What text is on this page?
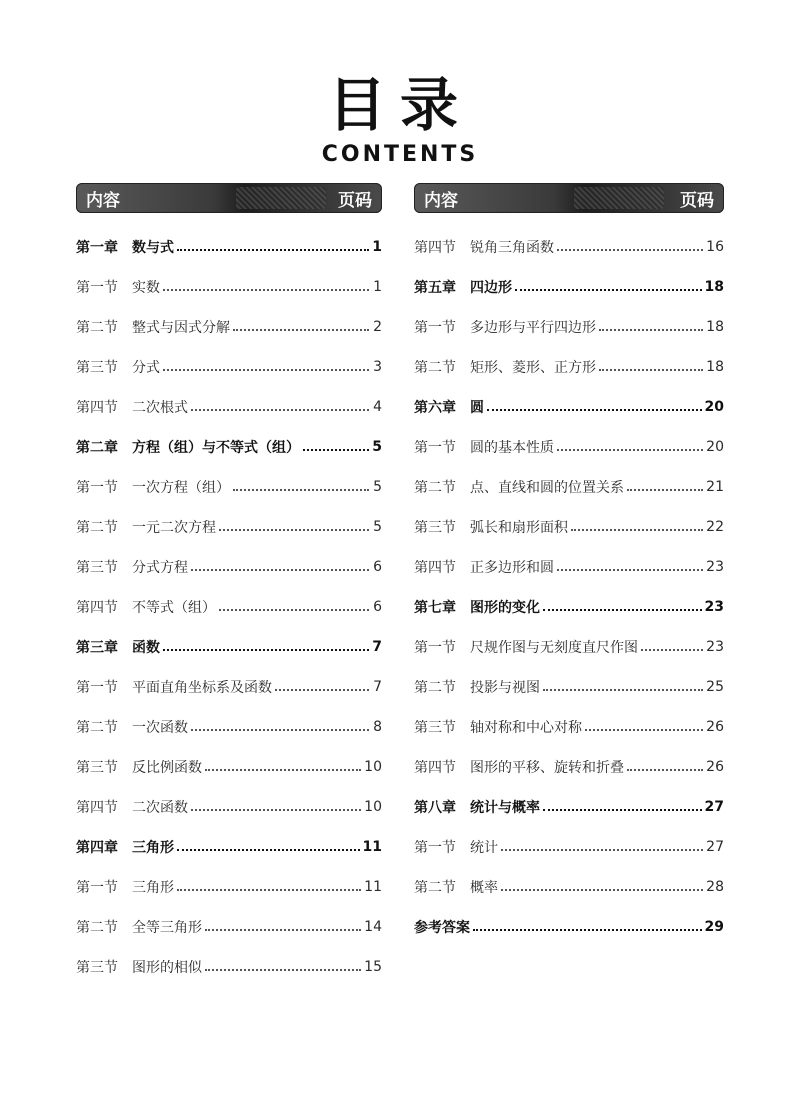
目录
CONTENTS
内容	页码
第一章 数与式	1
第一节 实数	1
第二节 整式与因式分解	2
第三节 分式	3
第四节 二次根式	4
第二章 方程（组）与不等式（组）	5
第一节 一次方程（组）	5
第二节 一元二次方程	5
第三节 分式方程	6
第四节 不等式（组）	6
第三章 函数	7
第一节 平面直角坐标系及函数	7
第二节 一次函数	8
第三节 反比例函数	10
第四节 二次函数	10
第四章 三角形	11
第一节 三角形	11
第二节 全等三角形	14
第三节 图形的相似	15
内容	页码
第四节 锐角三角函数	16
第五章 四边形	18
第一节 多边形与平行四边形	18
第二节 矩形、菱形、正方形	18
第六章 圆	20
第一节 圆的基本性质	20
第二节 点、直线和圆的位置关系	21
第三节 弧长和扇形面积	22
第四节 正多边形和圆	23
第七章 图形的变化	23
第一节 尺规作图与无刻度直尺作图	23
第二节 投影与视图	25
第三节 轴对称和中心对称	26
第四节 图形的平移、旋转和折叠	26
第八章 统计与概率	27
第一节 统计	27
第二节 概率	28
参考答案	29
